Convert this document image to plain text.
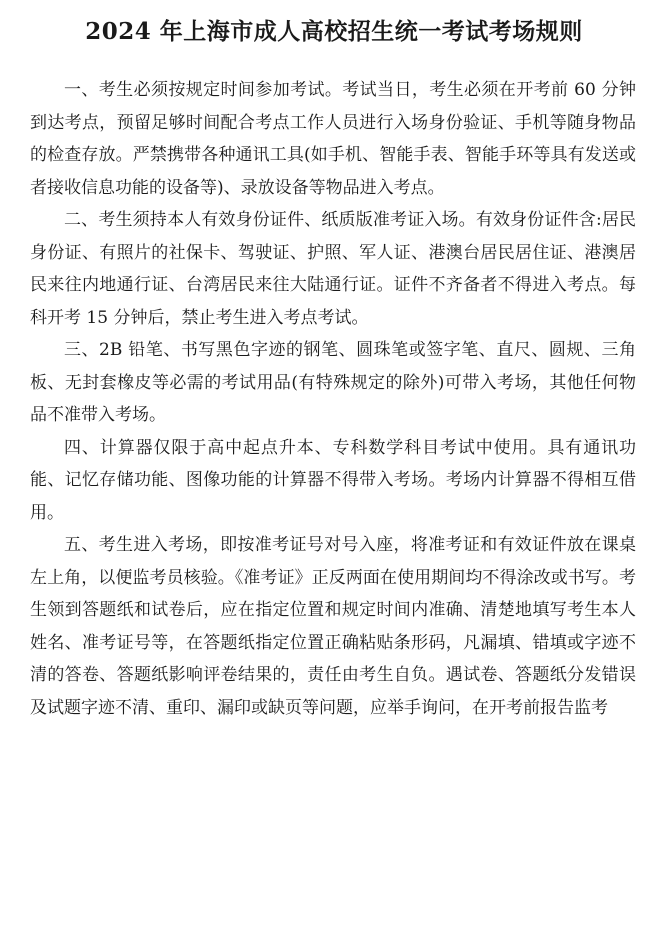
2024 年上海市成人高校招生统一考试考场规则

一、考生必须按规定时间参加考试。考试当日，考生必须在开考前 60 分钟到达考点，预留足够时间配合考点工作人员进行入场身份验证、手机等随身物品的检查存放。严禁携带各种通讯工具(如手机、智能手表、智能手环等具有发送或者接收信息功能的设备等)、录放设备等物品进入考点。

二、考生须持本人有效身份证件、纸质版准考证入场。有效身份证件含:居民身份证、有照片的社保卡、驾驶证、护照、军人证、港澳台居民居住证、港澳居民来往内地通行证、台湾居民来往大陆通行证。证件不齐备者不得进入考点。每科开考 15 分钟后，禁止考生进入考点考试。

三、2B 铅笔、书写黑色字迹的钢笔、圆珠笔或签字笔、直尺、圆规、三角板、无封套橡皮等必需的考试用品(有特殊规定的除外)可带入考场，其他任何物品不准带入考场。

四、计算器仅限于高中起点升本、专科数学科目考试中使用。具有通讯功能、记忆存储功能、图像功能的计算器不得带入考场。考场内计算器不得相互借用。

五、考生进入考场，即按准考证号对号入座，将准考证和有效证件放在课桌左上角，以便监考员核验。《准考证》正反两面在使用期间均不得涂改或书写。考生领到答题纸和试卷后，应在指定位置和规定时间内准确、清楚地填写考生本人姓名、准考证号等，在答题纸指定位置正确粘贴条形码，凡漏填、错填或字迹不清的答卷、答题纸影响评卷结果的，责任由考生自负。遇试卷、答题纸分发错误及试题字迹不清、重印、漏印或缺页等问题，应举手询问，在开考前报告监考
